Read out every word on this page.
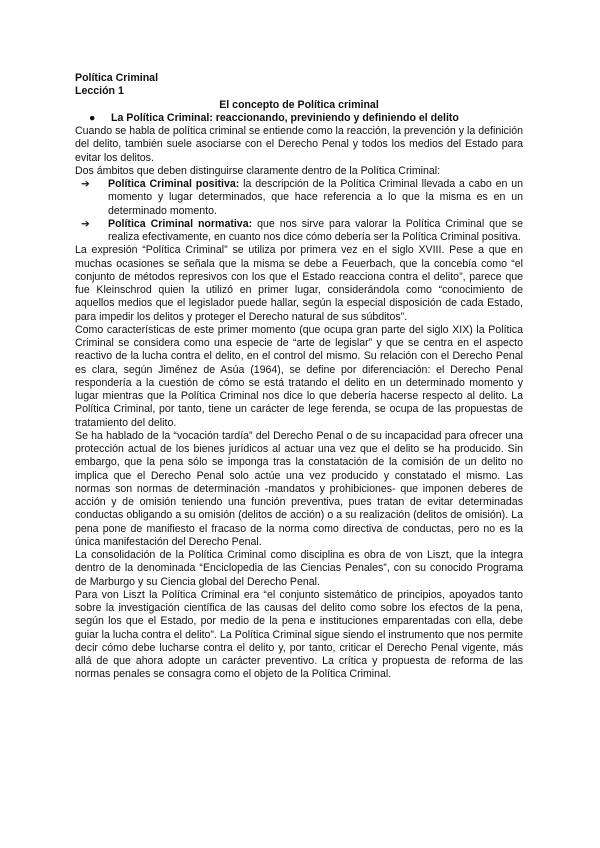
Política Criminal
Lección 1
El concepto de Política criminal
●	La Política Criminal: reaccionando, previniendo y definiendo el delito

Cuando se habla de política criminal se entiende como la reacción, la prevención y la definición del delito, también suele asociarse con el Derecho Penal y todos los medios del Estado para evitar los delitos.

Dos ámbitos que deben distinguirse claramente dentro de la Política Criminal:

➔	Política Criminal positiva: la descripción de la Política Criminal llevada a cabo en un momento y lugar determinados, que hace referencia a lo que la misma es en un determinado momento.
➔	Política Criminal normativa: que nos sirve para valorar la Política Criminal que se realiza efectivamente, en cuanto nos dice cómo debería ser la Política Criminal positiva.

La expresión “Política Criminal” se utiliza por primera vez en el siglo XVIII. Pese a que en muchas ocasiones se señala que la misma se debe a Feuerbach, que la concebía como “el conjunto de métodos represivos con los que el Estado reacciona contra el delito”, parece que fue Kleinschrod quien la utilizó en primer lugar, considerándola como “conocimiento de aquellos medios que el legislador puede hallar, según la especial disposición de cada Estado, para impedir los delitos y proteger el Derecho natural de sus súbditos”.

Como características de este primer momento (que ocupa gran parte del siglo XIX) la Política Criminal se considera como una especie de “arte de legislar” y que se centra en el aspecto reactivo de la lucha contra el delito, en el control del mismo. Su relación con el Derecho Penal es clara, según Jiménez de Asúa (1964), se define por diferenciación: el Derecho Penal respondería a la cuestión de cómo se está tratando el delito en un determinado momento y lugar mientras que la Política Criminal nos dice lo que debería hacerse respecto al delito. La Política Criminal, por tanto, tiene un carácter de lege ferenda, se ocupa de las propuestas de tratamiento del delito.

Se ha hablado de la “vocación tardía” del Derecho Penal o de su incapacidad para ofrecer una protección actual de los bienes jurídicos al actuar una vez que el delito se ha producido. Sin embargo, que la pena sólo se imponga tras la constatación de la comisión de un delito no implica que el Derecho Penal solo actúe una vez producido y constatado el mismo. Las normas son normas de determinación -mandatos y prohibiciones- que imponen deberes de acción y de omisión teniendo una función preventiva, pues tratan de evitar determinadas conductas obligando a su omisión (delitos de acción) o a su realización (delitos de omisión). La pena pone de manifiesto el fracaso de la norma como directiva de conductas, pero no es la única manifestación del Derecho Penal.

La consolidación de la Política Criminal como disciplina es obra de von Liszt, que la integra dentro de la denominada “Enciclopedia de las Ciencias Penales”, con su conocido Programa de Marburgo y su Ciencia global del Derecho Penal.

Para von Liszt la Política Criminal era “el conjunto sistemático de principios, apoyados tanto sobre la investigación científica de las causas del delito como sobre los efectos de la pena, según los que el Estado, por medio de la pena e instituciones emparentadas con ella, debe guiar la lucha contra el delito”. La Política Criminal sigue siendo el instrumento que nos permite decir cómo debe lucharse contra el delito y, por tanto, criticar el Derecho Penal vigente, más allá de que ahora adopte un carácter preventivo. La crítica y propuesta de reforma de las normas penales se consagra como el objeto de la Política Criminal.
